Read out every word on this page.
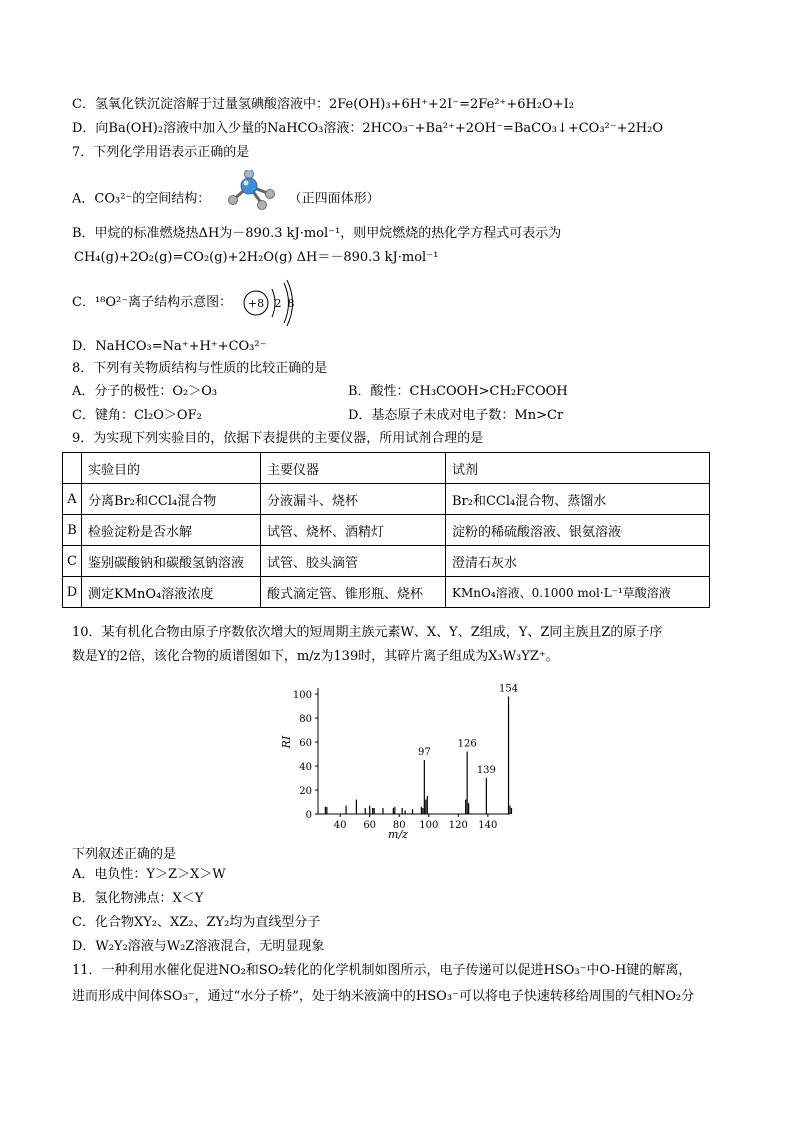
C．氢氧化铁沉淀溶解于过量氢碘酸溶液中：2Fe(OH)₃+6H⁺+2I⁻=2Fe²⁺+6H₂O+I₂
D．向Ba(OH)₂溶液中加入少量的NaHCO₃溶液：2HCO₃⁻+Ba²⁺+2OH⁻=BaCO₃↓+CO₃²⁻+2H₂O
7．下列化学用语表示正确的是
A．CO₃²⁻的空间结构：	（正四面体形）
B．甲烷的标准燃烧热ΔH为－890.3 kJ·mol⁻¹，则甲烷燃烧的热化学方程式可表示为
CH₄(g)+2O₂(g)=CO₂(g)+2H₂O(g) ΔH＝－890.3 kJ·mol⁻¹
C．¹⁸O²⁻离子结构示意图： +8 2 8
D．NaHCO₃=Na⁺+H⁺+CO₃²⁻
8．下列有关物质结构与性质的比较正确的是
A．分子的极性：O₂＞O₃	B．酸性：CH₃COOH>CH₂FCOOH
C．键角：Cl₂O＞OF₂	D．基态原子未成对电子数：Mn>Cr
9．为实现下列实验目的，依据下表提供的主要仪器，所用试剂合理的是
	实验目的	主要仪器	试剂
A	分离Br₂和CCl₄混合物	分液漏斗、烧杯	Br₂和CCl₄混合物、蒸馏水
B	检验淀粉是否水解	试管、烧杯、酒精灯	淀粉的稀硫酸溶液、银氨溶液
C	鉴别碳酸钠和碳酸氢钠溶液	试管、胶头滴管	澄清石灰水
D	测定KMnO₄溶液浓度	酸式滴定管、锥形瓶、烧杯	KMnO₄溶液、0.1000 mol·L⁻¹草酸溶液
10．某有机化合物由原子序数依次增大的短周期主族元素W、X、Y、Z组成，Y、Z同主族且Z的原子序
数是Y的2倍，该化合物的质谱图如下，m/z为139时，其碎片离子组成为X₃W₃YZ⁺。
0
20
40
60
80
100
40 60 80 100 120 140
97
126
139
154
RI
m/z
下列叙述正确的是
A．电负性：Y＞Z＞X＞W
B．氢化物沸点：X＜Y
C．化合物XY₂、XZ₂、ZY₂均为直线型分子
D．W₂Y₂溶液与W₂Z溶液混合，无明显现象
11．一种利用水催化促进NO₂和SO₂转化的化学机制如图所示，电子传递可以促进HSO₃⁻中O-H键的解离，
进而形成中间体SO₃⁻，通过“水分子桥”，处于纳米液滴中的HSO₃⁻可以将电子快速转移给周围的气相NO₂分
